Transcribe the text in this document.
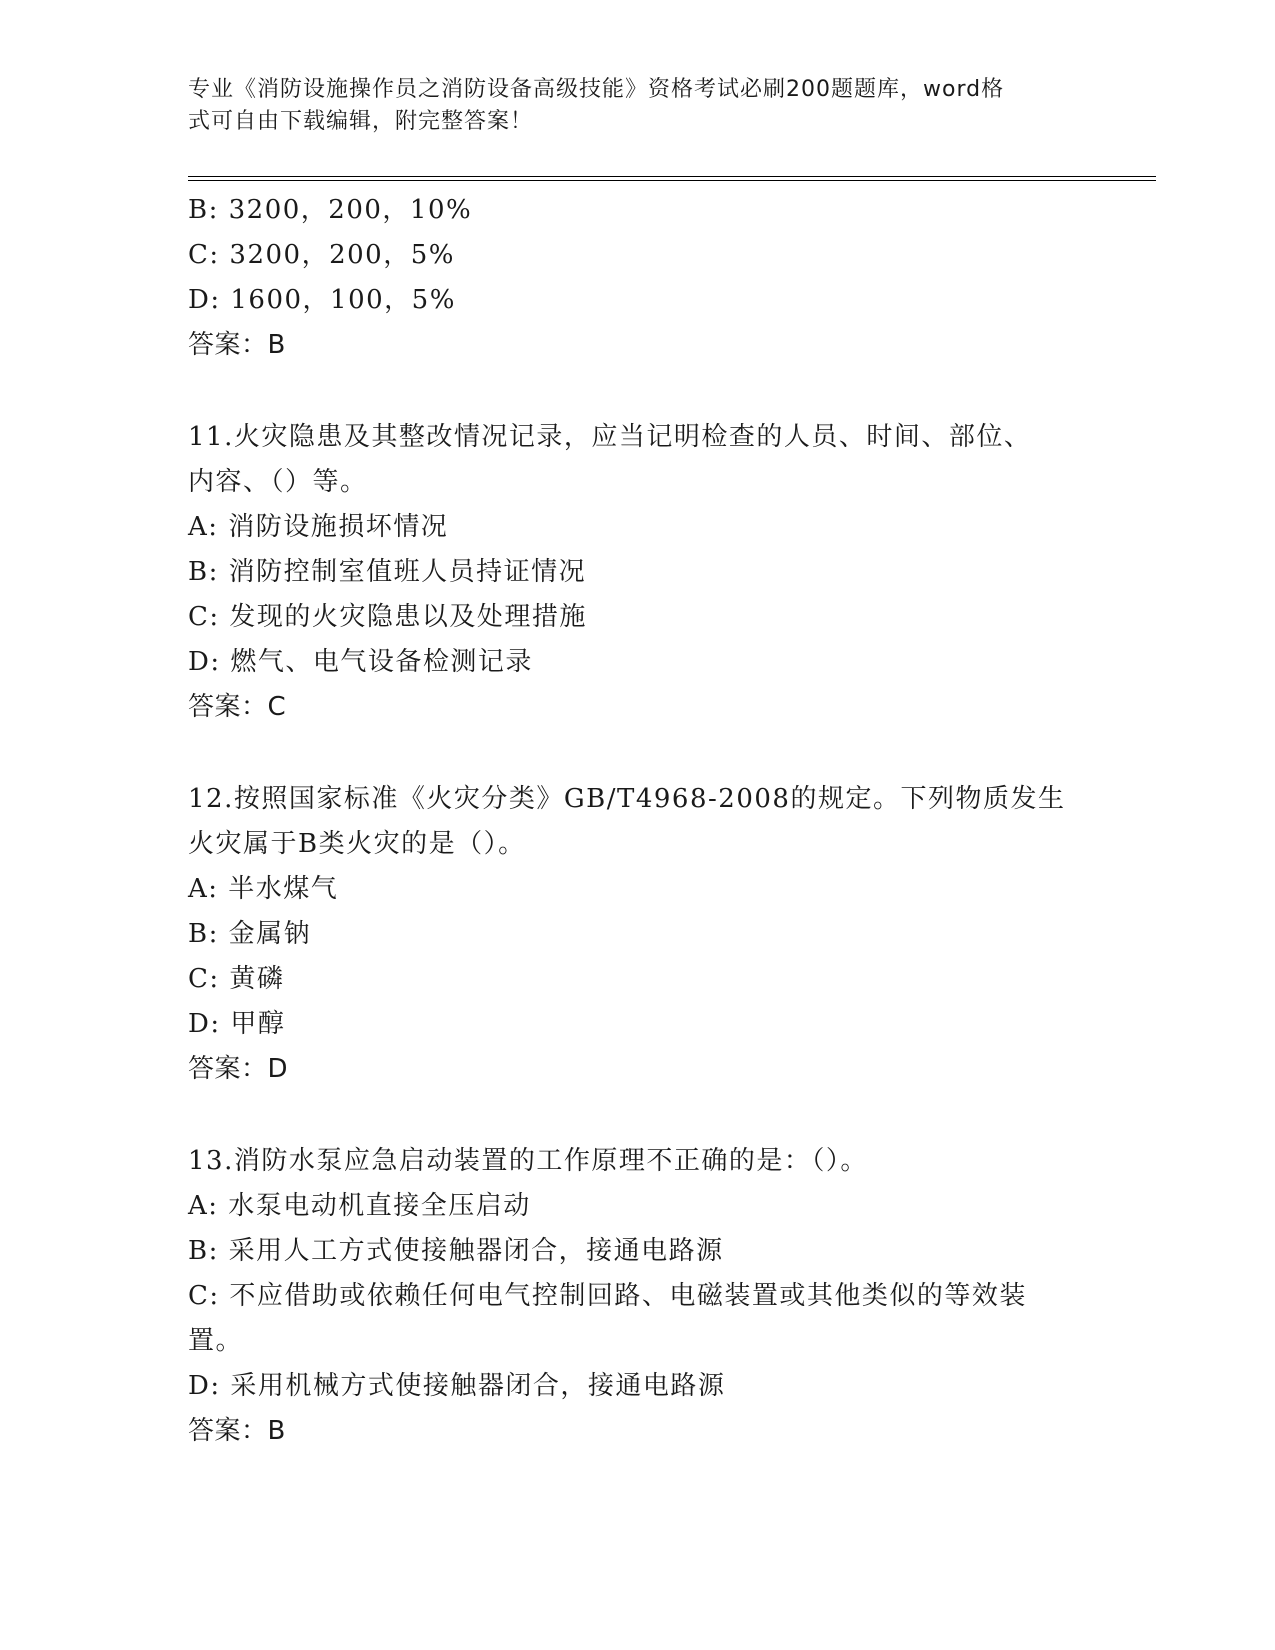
专业《消防设施操作员之消防设备高级技能》资格考试必刷200题题库，word格
式可自由下载编辑，附完整答案！
B: 3200，200，10%
C: 3200，200，5%
D: 1600，100，5%
答案：B
11.火灾隐患及其整改情况记录，应当记明检查的人员、时间、部位、
内容、（）等。
A: 消防设施损坏情况
B: 消防控制室值班人员持证情况
C: 发现的火灾隐患以及处理措施
D: 燃气、电气设备检测记录
答案：C
12.按照国家标准《火灾分类》GB/T4968-2008的规定。下列物质发生
火灾属于B类火灾的是（）。
A: 半水煤气
B: 金属钠
C: 黄磷
D: 甲醇
答案：D
13.消防水泵应急启动装置的工作原理不正确的是：（）。
A: 水泵电动机直接全压启动
B: 采用人工方式使接触器闭合，接通电路源
C: 不应借助或依赖任何电气控制回路、电磁装置或其他类似的等效装
置。
D: 采用机械方式使接触器闭合，接通电路源
答案：B
